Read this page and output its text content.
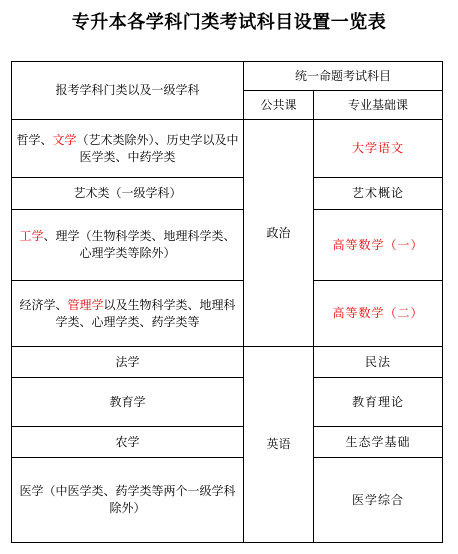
专升本各学科门类考试科目设置一览表
报考学科门类以及一级学科	统一命题考试科目	
	公共课	专业基础课
哲学、文学（艺术类除外）、历史学以及中医学类、中药学类	政治	大学语文
艺术类（一级学科）		艺术概论
工学、理学（生物科学类、地理科学类、心理学类等除外）		高等数学（一）
经济学、管理学以及生物科学类、地理科学类、心理学类、药学类等		高等数学（二）
法学	英语	民法
教育学		教育理论
农学		生态学基础
医学（中医学类、药学类等两个一级学科除外）		医学综合
